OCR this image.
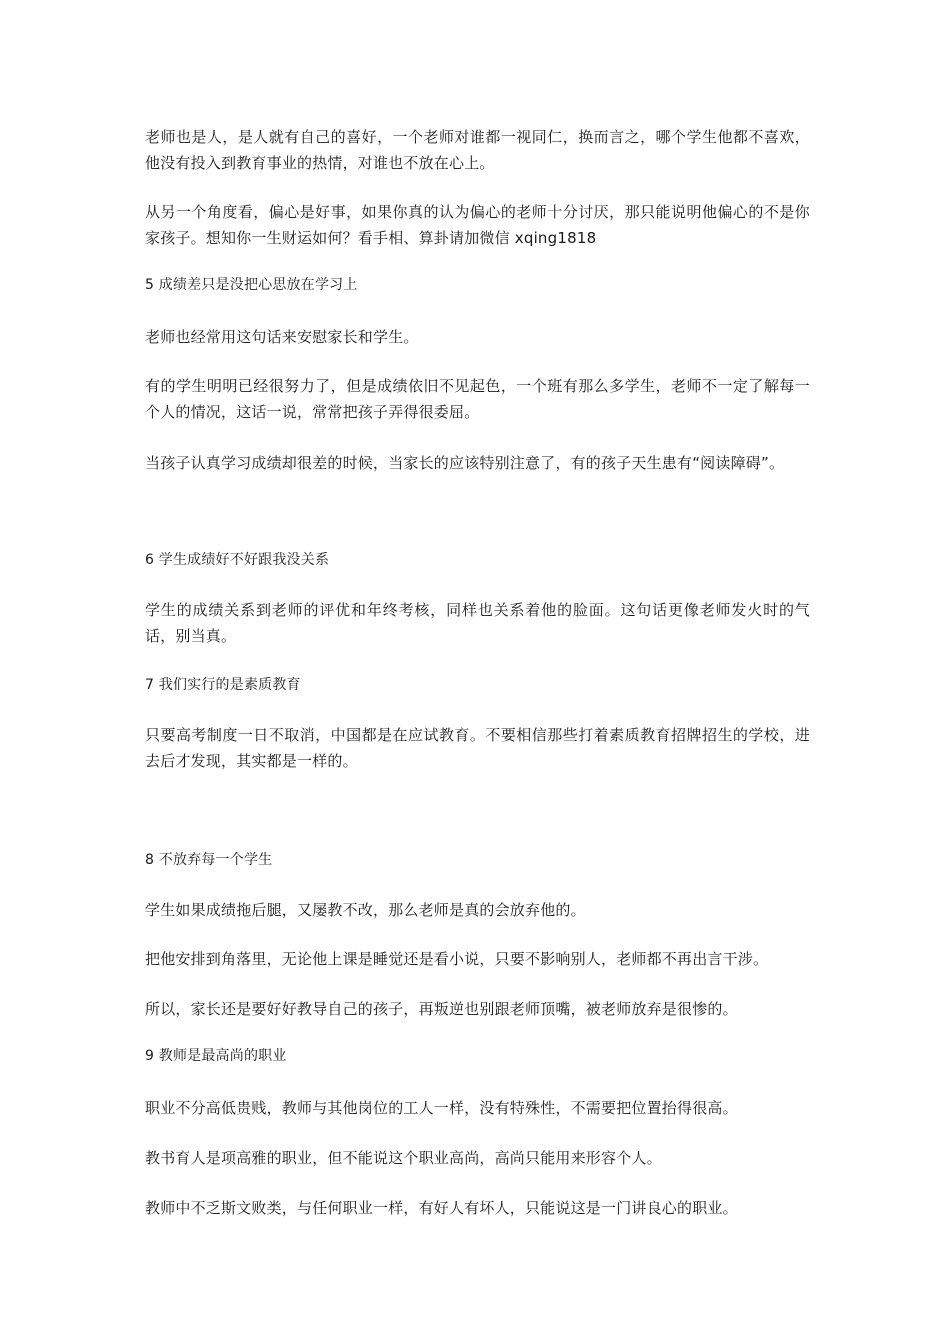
老师也是人，是人就有自己的喜好，一个老师对谁都一视同仁，换而言之，哪个学生他都不喜欢，他没有投入到教育事业的热情，对谁也不放在心上。

从另一个角度看，偏心是好事，如果你真的认为偏心的老师十分讨厌，那只能说明他偏心的不是你家孩子。想知你一生财运如何？看手相、算卦请加微信 xqing1818

5 成绩差只是没把心思放在学习上

老师也经常用这句话来安慰家长和学生。

有的学生明明已经很努力了，但是成绩依旧不见起色，一个班有那么多学生，老师不一定了解每一个人的情况，这话一说，常常把孩子弄得很委屈。

当孩子认真学习成绩却很差的时候，当家长的应该特别注意了，有的孩子天生患有“阅读障碍”。

6 学生成绩好不好跟我没关系

学生的成绩关系到老师的评优和年终考核，同样也关系着他的脸面。这句话更像老师发火时的气话，别当真。

7 我们实行的是素质教育

只要高考制度一日不取消，中国都是在应试教育。不要相信那些打着素质教育招牌招生的学校，进去后才发现，其实都是一样的。

8 不放弃每一个学生

学生如果成绩拖后腿，又屡教不改，那么老师是真的会放弃他的。

把他安排到角落里，无论他上课是睡觉还是看小说，只要不影响别人，老师都不再出言干涉。

所以，家长还是要好好教导自己的孩子，再叛逆也别跟老师顶嘴，被老师放弃是很惨的。

9 教师是最高尚的职业

职业不分高低贵贱，教师与其他岗位的工人一样，没有特殊性，不需要把位置抬得很高。

教书育人是项高雅的职业，但不能说这个职业高尚，高尚只能用来形容个人。

教师中不乏斯文败类，与任何职业一样，有好人有坏人，只能说这是一门讲良心的职业。
